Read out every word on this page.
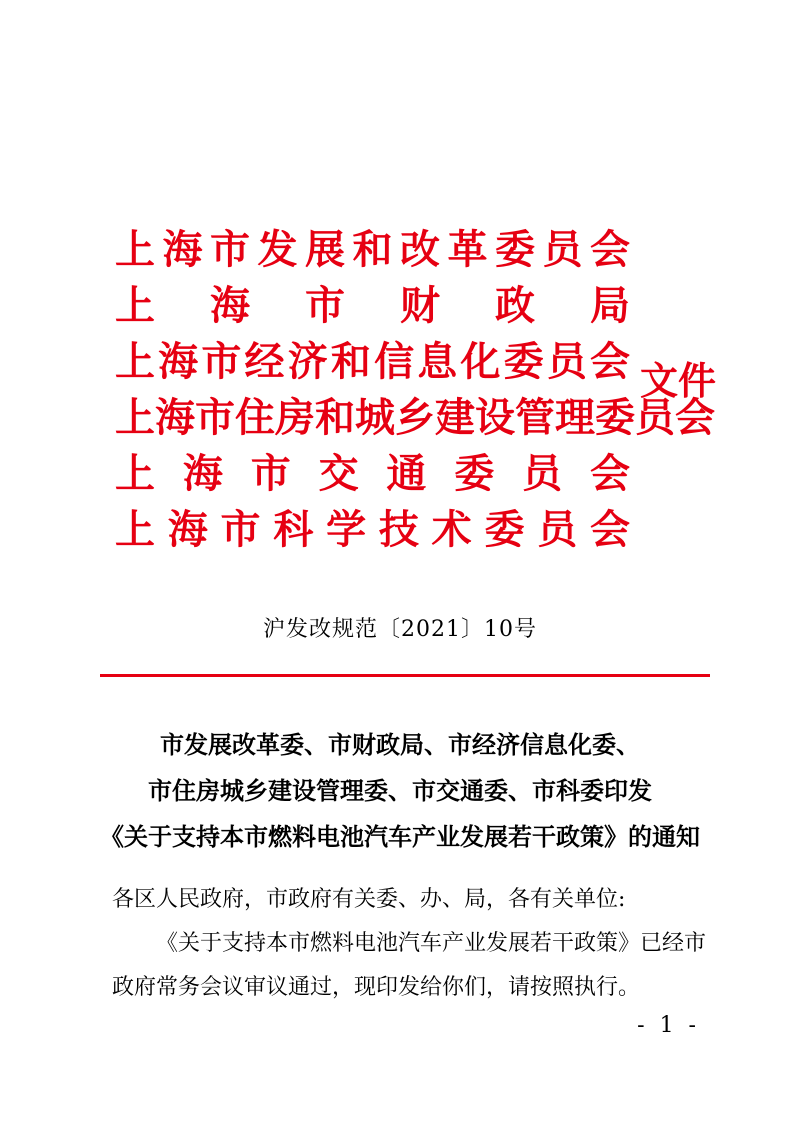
上海市发展和改革委员会
上海市财政局
上海市经济和信息化委员会
上海市住房和城乡建设管理委员会
上海市交通委员会
上海市科学技术委员会
文件
沪发改规范〔2021〕10号
市发展改革委、市财政局、市经济信息化委、
市住房城乡建设管理委、市交通委、市科委印发
《关于支持本市燃料电池汽车产业发展若干政策》的通知
各区人民政府，市政府有关委、办、局，各有关单位:
《关于支持本市燃料电池汽车产业发展若干政策》已经市政府常务会议审议通过，现印发给你们，请按照执行。
- 1 -
